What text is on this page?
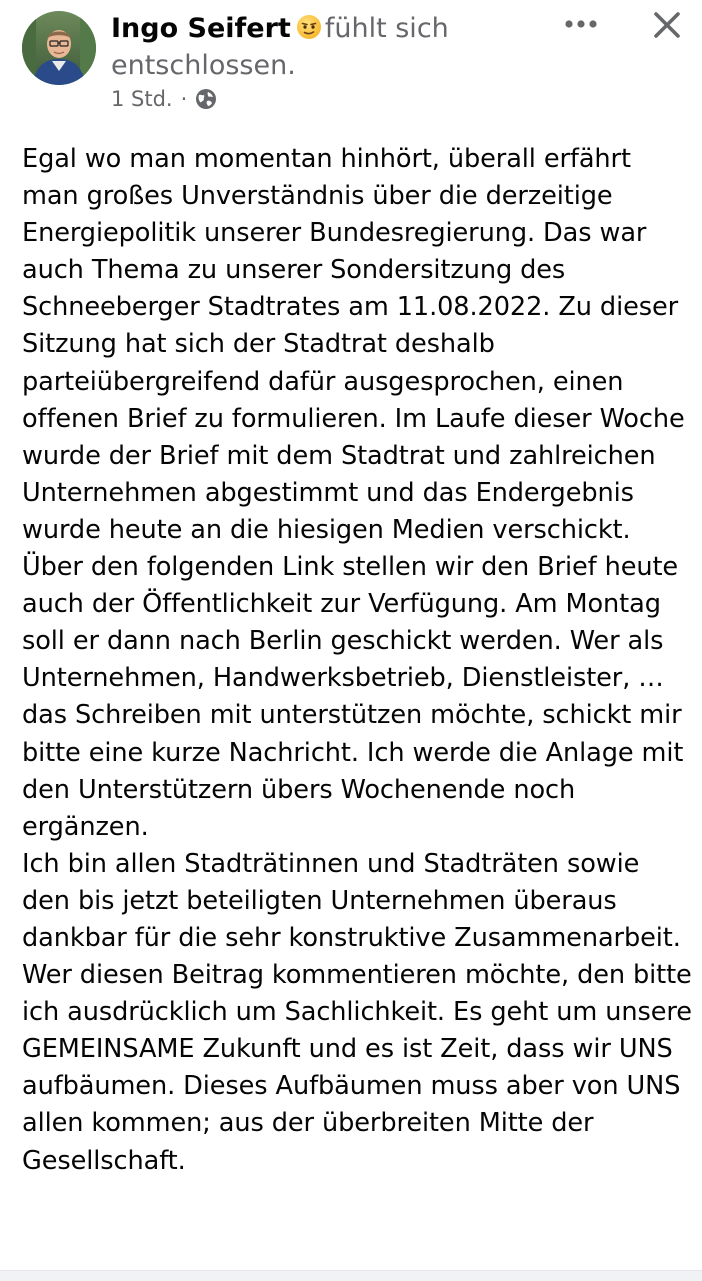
Ingo Seifert fühlt sich entschlossen.
1 Std. ·

Egal wo man momentan hinhört, überall erfährt man großes Unverständnis über die derzeitige Energiepolitik unserer Bundesregierung. Das war auch Thema zu unserer Sondersitzung des Schneeberger Stadtrates am 11.08.2022. Zu dieser Sitzung hat sich der Stadtrat deshalb parteiübergreifend dafür ausgesprochen, einen offenen Brief zu formulieren. Im Laufe dieser Woche wurde der Brief mit dem Stadtrat und zahlreichen Unternehmen abgestimmt und das Endergebnis wurde heute an die hiesigen Medien verschickt. Über den folgenden Link stellen wir den Brief heute auch der Öffentlichkeit zur Verfügung. Am Montag soll er dann nach Berlin geschickt werden. Wer als Unternehmen, Handwerksbetrieb, Dienstleister, … das Schreiben mit unterstützen möchte, schickt mir bitte eine kurze Nachricht. Ich werde die Anlage mit den Unterstützern übers Wochenende noch ergänzen.

Ich bin allen Stadträtinnen und Stadträten sowie den bis jetzt beteiligten Unternehmen überaus dankbar für die sehr konstruktive Zusammenarbeit. Wer diesen Beitrag kommentieren möchte, den bitte ich ausdrücklich um Sachlichkeit. Es geht um unsere GEMEINSAME Zukunft und es ist Zeit, dass wir UNS aufbäumen. Dieses Aufbäumen muss aber von UNS allen kommen; aus der überbreiten Mitte der Gesellschaft.
